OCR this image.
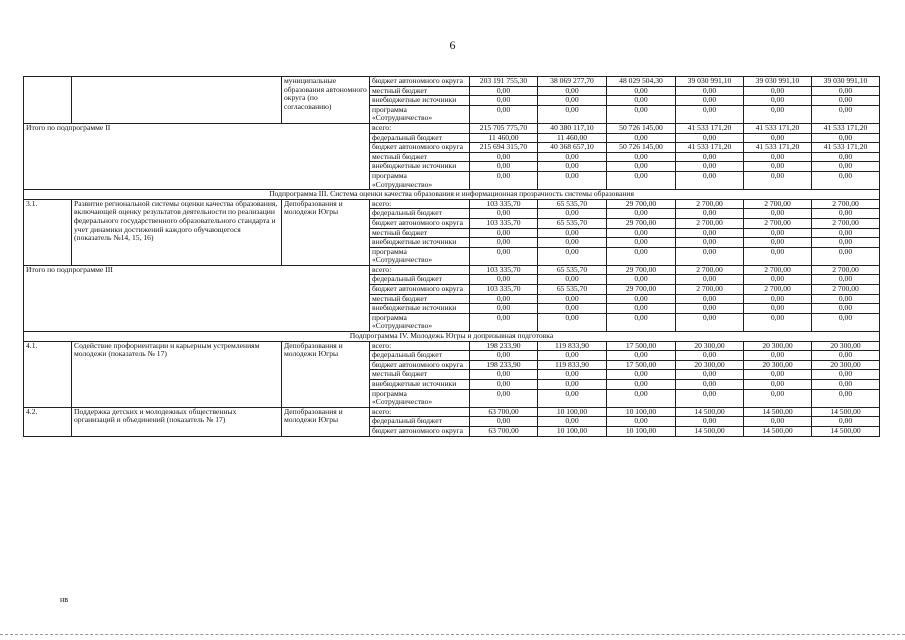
6
		муниципальные образования автономного округа (по согласованию)	бюджет автономного округа	203 191 755,30	38 069 277,70	48 029 504,30	39 030 991,10	39 030 991,10	39 030 991,10
			местный бюджет	0,00	0,00	0,00	0,00	0,00	0,00
			внебюджетные источники	0,00	0,00	0,00	0,00	0,00	0,00
			программа «Сотрудничество»	0,00	0,00	0,00	0,00	0,00	0,00
Итого по подпрограмме II			всего:	215 705 775,70	40 380 117,10	50 726 145,00	41 533 171,20	41 533 171,20	41 533 171,20
			федеральный бюджет	11 460,00	11 460,00	0,00	0,00	0,00	0,00
			бюджет автономного округа	215 694 315,70	40 368 657,10	50 726 145,00	41 533 171,20	41 533 171,20	41 533 171,20
			местный бюджет	0,00	0,00	0,00	0,00	0,00	0,00
			внебюджетные источники	0,00	0,00	0,00	0,00	0,00	0,00
			программа «Сотрудничество»	0,00	0,00	0,00	0,00	0,00	0,00
Подпрограмма III. Система оценки качества образования и информационная прозрачность системы образования									
3.1.	Развитие региональной системы оценки качества образования, включающей оценку результатов деятельности по реализации федерального государственного образовательного стандарта и учет динамики достижений каждого обучающегося (показатель №14, 15, 16)	Депобразования и молодежи Югры	всего:	103 335,70	65 535,70	29 700,00	2 700,00	2 700,00	2 700,00
			федеральный бюджет	0,00	0,00	0,00	0,00	0,00	0,00
			бюджет автономного округа	103 335,70	65 535,70	29 700,00	2 700,00	2 700,00	2 700,00
			местный бюджет	0,00	0,00	0,00	0,00	0,00	0,00
			внебюджетные источники	0,00	0,00	0,00	0,00	0,00	0,00
			программа «Сотрудничество»	0,00	0,00	0,00	0,00	0,00	0,00
Итого по подпрограмме III			всего:	103 335,70	65 535,70	29 700,00	2 700,00	2 700,00	2 700,00
			федеральный бюджет	0,00	0,00	0,00	0,00	0,00	0,00
			бюджет автономного округа	103 335,70	65 535,70	29 700,00	2 700,00	2 700,00	2 700,00
			местный бюджет	0,00	0,00	0,00	0,00	0,00	0,00
			внебюджетные источники	0,00	0,00	0,00	0,00	0,00	0,00
			программа «Сотрудничество»	0,00	0,00	0,00	0,00	0,00	0,00
Подпрограмма IV. Молодежь Югры и допризывная подготовка									
4.1.	Содействие профориентации и карьерным устремлениям молодежи (показатель № 17)	Депобразования и молодежи Югры	всего:	198 233,90	119 833,90	17 500,00	20 300,00	20 300,00	20 300,00
			федеральный бюджет	0,00	0,00	0,00	0,00	0,00	0,00
			бюджет автономного округа	198 233,90	119 833,90	17 500,00	20 300,00	20 300,00	20 300,00
			местный бюджет	0,00	0,00	0,00	0,00	0,00	0,00
			внебюджетные источники	0,00	0,00	0,00	0,00	0,00	0,00
			программа «Сотрудничество»	0,00	0,00	0,00	0,00	0,00	0,00
4.2.	Поддержка детских и молодежных общественных организаций и объединений (показатель № 17)	Депобразования и молодежи Югры	всего:	63 700,00	10 100,00	10 100,00	14 500,00	14 500,00	14 500,00
			федеральный бюджет	0,00	0,00	0,00	0,00	0,00	0,00
			бюджет автономного округа	63 700,00	10 100,00	10 100,00	14 500,00	14 500,00	14 500,00
нв
